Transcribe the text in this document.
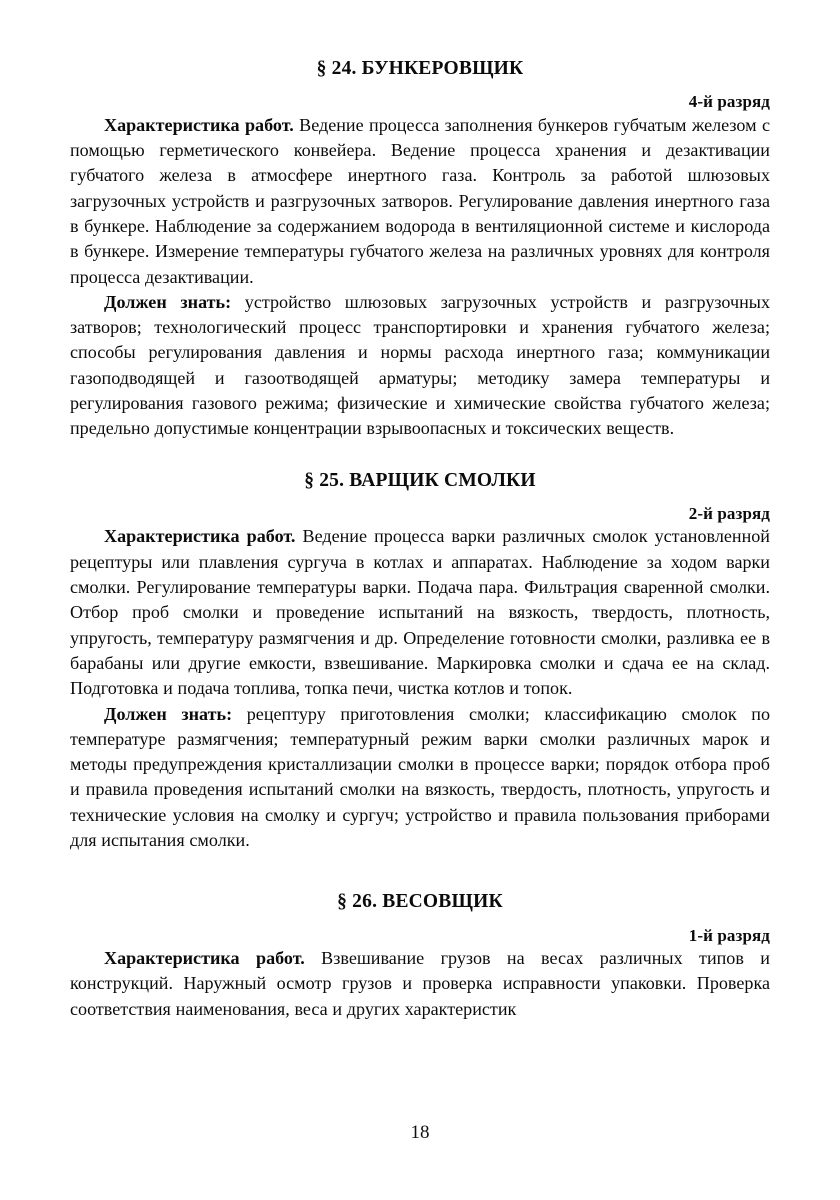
§ 24. БУНКЕРОВЩИК
4-й разряд

Характеристика работ. Ведение процесса заполнения бункеров губчатым железом с помощью герметического конвейера. Ведение процесса хранения и дезактивации губчатого железа в атмосфере инертного газа. Контроль за работой шлюзовых загрузочных устройств и разгрузочных затворов. Регулирование давления инертного газа в бункере. Наблюдение за содержанием водорода в вентиляционной системе и кислорода в бункере. Измерение температуры губчатого железа на различных уровнях для контроля процесса дезактивации.

Должен знать: устройство шлюзовых загрузочных устройств и разгрузочных затворов; технологический процесс транспортировки и хранения губчатого железа; способы регулирования давления и нормы расхода инертного газа; коммуникации газоподводящей и газоотводящей арматуры; методику замера температуры и регулирования газового режима; физические и химические свойства губчатого железа; предельно допустимые концентрации взрывоопасных и токсических веществ.

§ 25. ВАРЩИК СМОЛКИ
2-й разряд

Характеристика работ. Ведение процесса варки различных смолок установленной рецептуры или плавления сургуча в котлах и аппаратах. Наблюдение за ходом варки смолки. Регулирование температуры варки. Подача пара. Фильтрация сваренной смолки. Отбор проб смолки и проведение испытаний на вязкость, твердость, плотность, упругость, температуру размягчения и др. Определение готовности смолки, разливка ее в барабаны или другие емкости, взвешивание. Маркировка смолки и сдача ее на склад. Подготовка и подача топлива, топка печи, чистка котлов и топок.

Должен знать: рецептуру приготовления смолки; классификацию смолок по температуре размягчения; температурный режим варки смолки различных марок и методы предупреждения кристаллизации смолки в процессе варки; порядок отбора проб и правила проведения испытаний смолки на вязкость, твердость, плотность, упругость и технические условия на смолку и сургуч; устройство и правила пользования приборами для испытания смолки.

§ 26. ВЕСОВЩИК
1-й разряд

Характеристика работ. Взвешивание грузов на весах различных типов и конструкций. Наружный осмотр грузов и проверка исправности упаковки. Проверка соответствия наименования, веса и других характеристик

18
